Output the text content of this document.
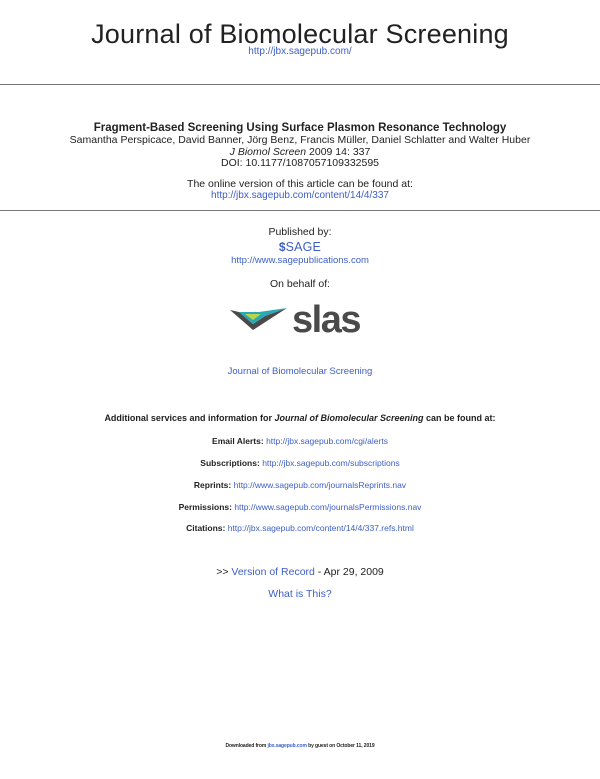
Journal of Biomolecular Screening
http://jbx.sagepub.com/
Fragment-Based Screening Using Surface Plasmon Resonance Technology
Samantha Perspicace, David Banner, Jörg Benz, Francis Müller, Daniel Schlatter and Walter Huber
J Biomol Screen 2009 14: 337
DOI: 10.1177/1087057109332595
The online version of this article can be found at:
http://jbx.sagepub.com/content/14/4/337
Published by:
$SAGE
http://www.sagepublications.com
On behalf of:
slas
Journal of Biomolecular Screening
Additional services and information for Journal of Biomolecular Screening can be found at:
Email Alerts: http://jbx.sagepub.com/cgi/alerts
Subscriptions: http://jbx.sagepub.com/subscriptions
Reprints: http://www.sagepub.com/journalsReprints.nav
Permissions: http://www.sagepub.com/journalsPermissions.nav
Citations: http://jbx.sagepub.com/content/14/4/337.refs.html
>> Version of Record - Apr 29, 2009
What is This?
Downloaded from jbx.sagepub.com by guest on October 11, 2019
